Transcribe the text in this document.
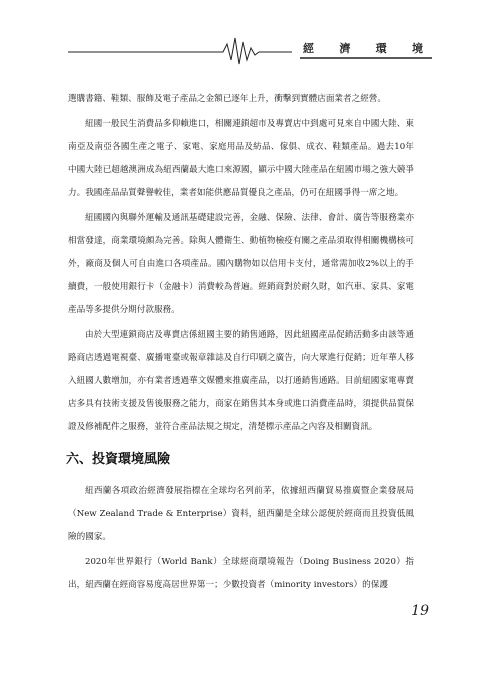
經 濟 環 境

選購書籍、鞋類、服飾及電子產品之金額已逐年上升，衝擊到實體店面業者之經營。

紐國一般民生消費品多仰賴進口，相關連鎖超市及專賣店中到處可見來自中國大陸、東南亞及南亞各國生產之電子、家電、家庭用品及紡品、傢俱、成衣、鞋類產品。過去10年中國大陸已超越澳洲成為紐西蘭最大進口來源國，顯示中國大陸產品在紐國市場之強大競爭力。我國產品品質聲譽較佳，業者如能供應品質優良之產品，仍可在紐國爭得一席之地。

紐國國內與聯外運輸及通訊基礎建設完善，金融、保險、法律、會計、廣告等服務業亦相當發達，商業環境頗為完善。除與人體衛生、動植物檢疫有關之產品須取得相關機構核可外，廠商及個人可自由進口各項產品。國內購物如以信用卡支付，通常需加收2%以上的手續費，一般使用銀行卡（金融卡）消費較為普遍。經銷商對於耐久財，如汽車、家具、家電產品等多提供分期付款服務。

由於大型連鎖商店及專賣店係紐國主要的銷售通路，因此紐國產品促銷活動多由該等通路商店透過電視臺、廣播電臺或報章雜誌及自行印刷之廣告，向大眾進行促銷；近年華人移入紐國人數增加，亦有業者透過華文媒體來推廣產品，以打通銷售通路。目前紐國家電專賣店多具有技術支援及售後服務之能力，商家在銷售其本身或進口消費產品時，須提供品質保證及修補配件之服務，並符合產品法規之規定，清楚標示產品之內容及相關資訊。

六、投資環境風險

紐西蘭各項政治經濟發展指標在全球均名列前茅，依據紐西蘭貿易推廣暨企業發展局（New Zealand Trade & Enterprise）資料，紐西蘭是全球公認便於經商而且投資低風險的國家。

2020年世界銀行（World Bank）全球經商環境報告（Doing Business 2020）指出，紐西蘭在經商容易度高居世界第一；少數投資者（minority investors）的保護

19
